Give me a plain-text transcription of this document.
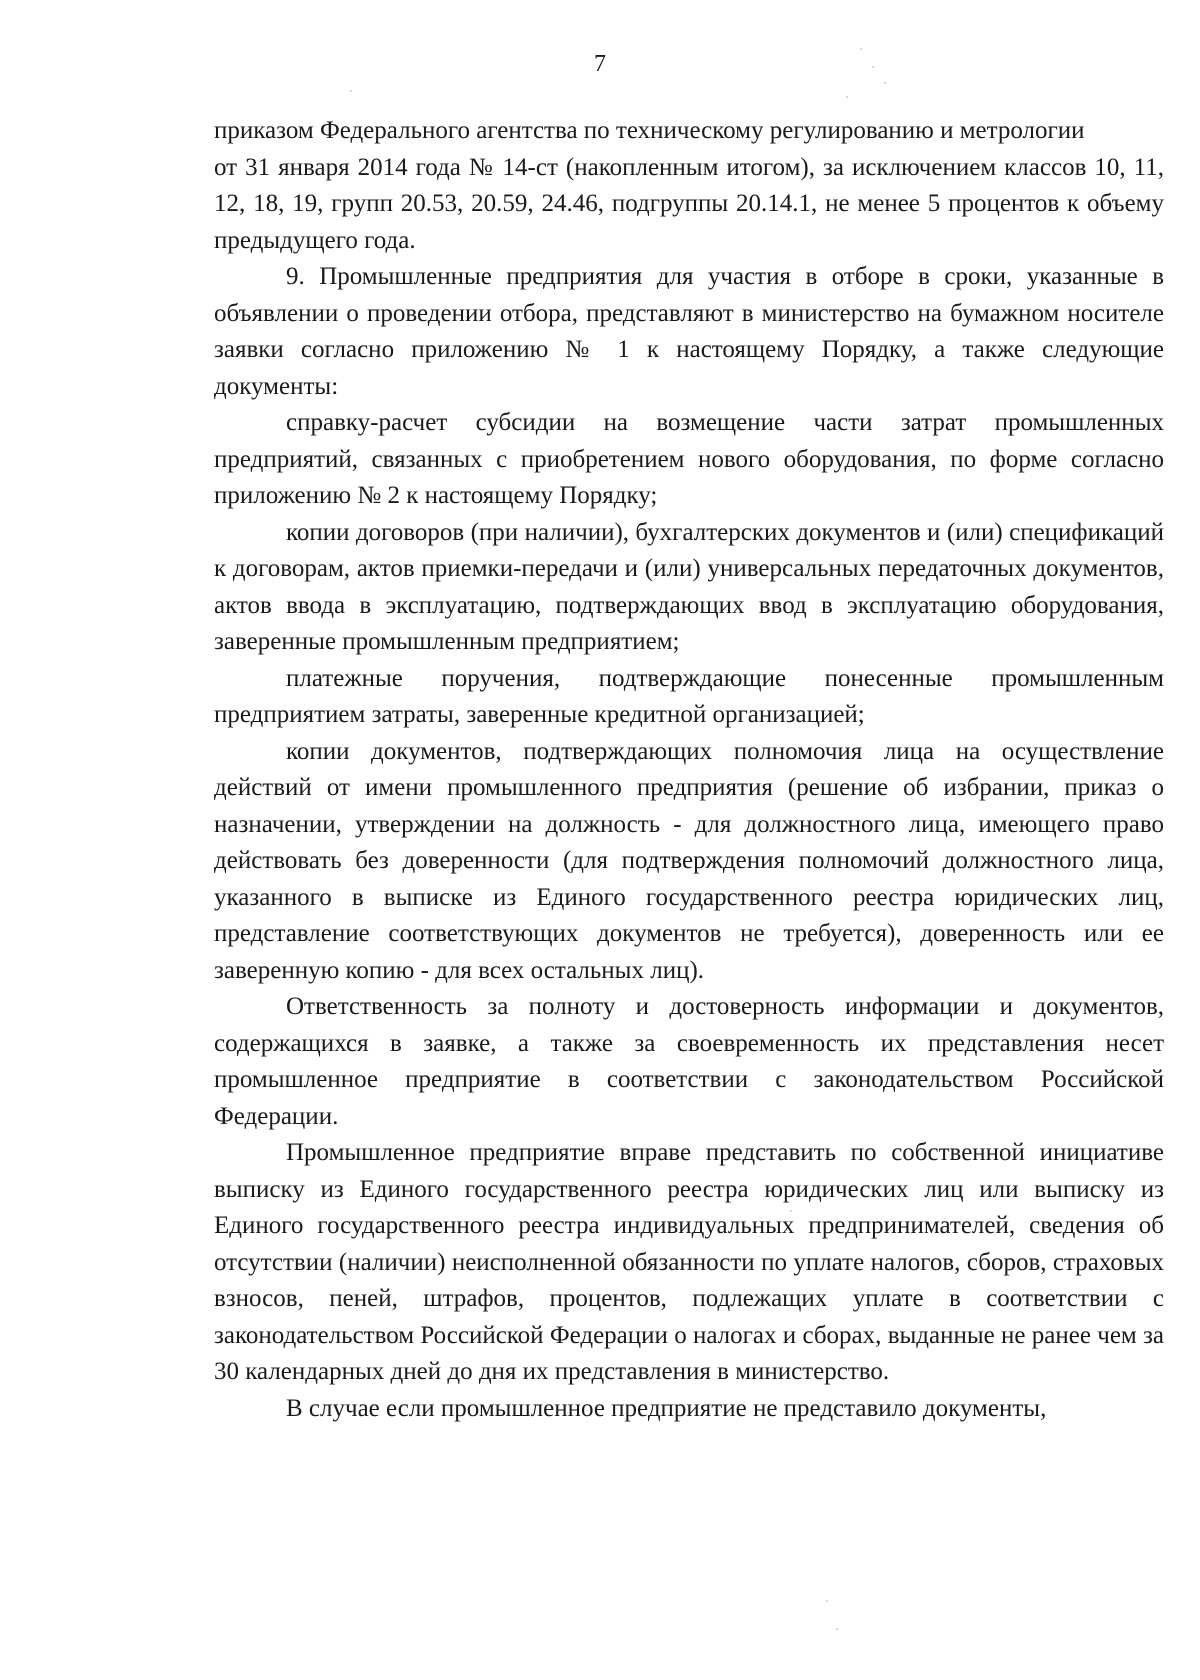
7

приказом Федерального агентства по техническому регулированию и метрологии

от 31 января 2014 года № 14-ст (накопленным итогом), за исключением классов 10, 11, 12, 18, 19, групп 20.53, 20.59, 24.46, подгруппы 20.14.1, не менее 5 процентов к объему предыдущего года.

9. Промышленные предприятия для участия в отборе в сроки, указанные в объявлении о проведении отбора, представляют в министерство на бумажном носителе заявки согласно приложению № 1 к настоящему Порядку, а также следующие документы:

справку-расчет субсидии на возмещение части затрат промышленных предприятий, связанных с приобретением нового оборудования, по форме согласно приложению № 2 к настоящему Порядку;

копии договоров (при наличии), бухгалтерских документов и (или) спецификаций к договорам, актов приемки-передачи и (или) универсальных передаточных документов, актов ввода в эксплуатацию, подтверждающих ввод в эксплуатацию оборудования, заверенные промышленным предприятием;

платежные поручения, подтверждающие понесенные промышленным предприятием затраты, заверенные кредитной организацией;

копии документов, подтверждающих полномочия лица на осуществление действий от имени промышленного предприятия (решение об избрании, приказ о назначении, утверждении на должность - для должностного лица, имеющего право действовать без доверенности (для подтверждения полномочий должностного лица, указанного в выписке из Единого государственного реестра юридических лиц, представление соответствующих документов не требуется), доверенность или ее заверенную копию - для всех остальных лиц).

Ответственность за полноту и достоверность информации и документов, содержащихся в заявке, а также за своевременность их представления несет промышленное предприятие в соответствии с законодательством Российской Федерации.

Промышленное предприятие вправе представить по собственной инициативе выписку из Единого государственного реестра юридических лиц или выписку из Единого государственного реестра индивидуальных предпринимателей, сведения об отсутствии (наличии) неисполненной обязанности по уплате налогов, сборов, страховых взносов, пеней, штрафов, процентов, подлежащих уплате в соответствии с законодательством Российской Федерации о налогах и сборах, выданные не ранее чем за 30 календарных дней до дня их представления в министерство.

В случае если промышленное предприятие не представило документы,
